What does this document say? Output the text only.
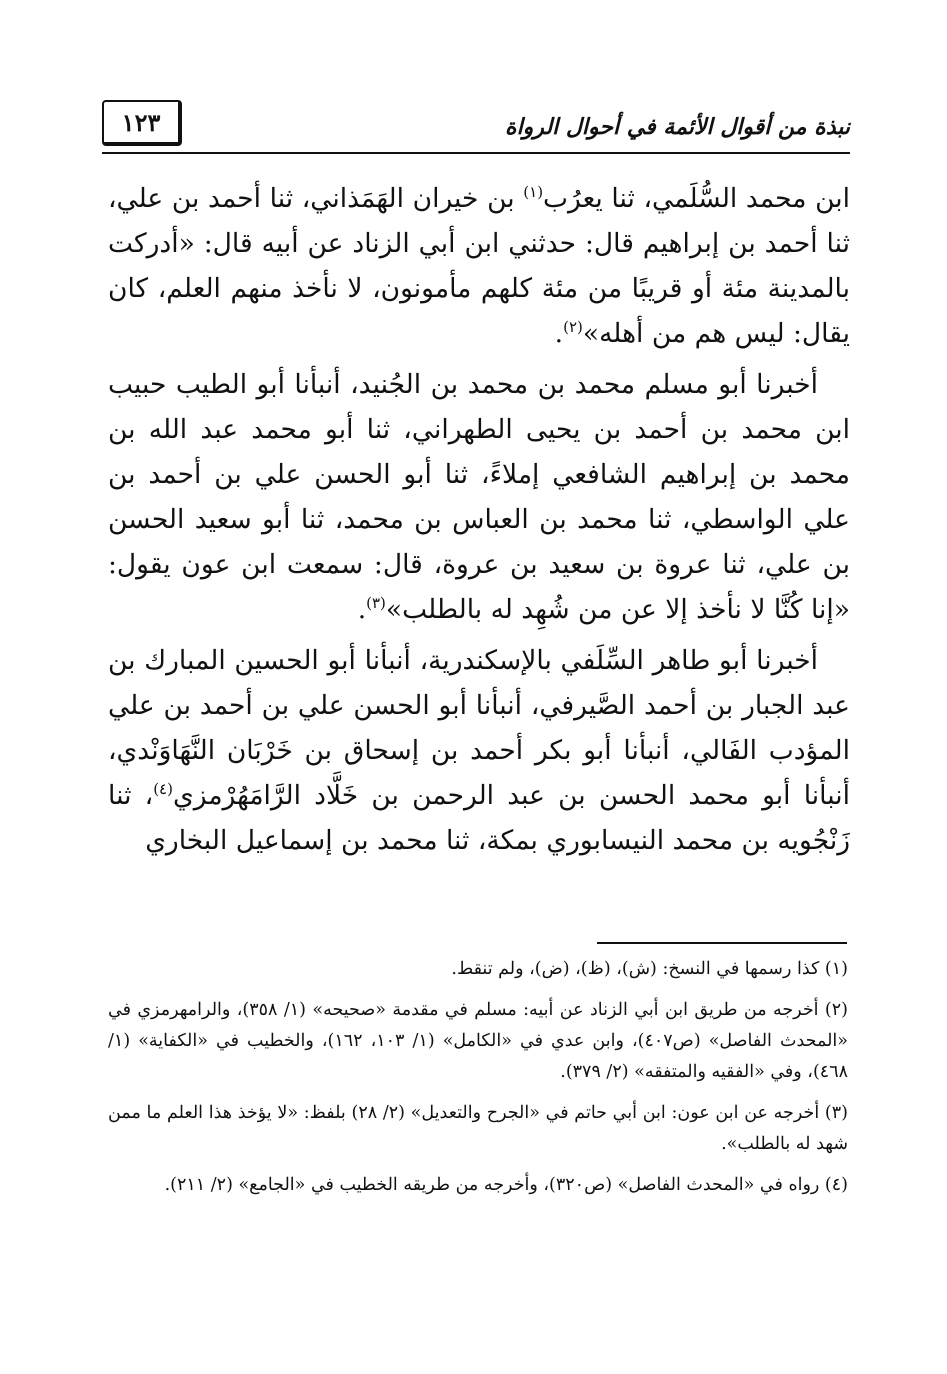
نبذة من أقوال الأئمة في أحوال الرواة
١٢٣

ابن محمد السُّلَمي، ثنا يعرُب$^{(١)}$ بن خيران الهَمَذاني، ثنا أحمد بن علي، ثنا أحمد بن إبراهيم قال: حدثني ابن أبي الزناد عن أبيه قال: «أدركت بالمدينة مئة أو قريبًا من مئة كلهم مأمونون، لا نأخذ منهم العلم، كان يقال: ليس هم من أهله»$^{(٢)}$.

أخبرنا أبو مسلم محمد بن محمد بن الجُنيد، أنبأنا أبو الطيب حبيب ابن محمد بن أحمد بن يحيى الطهراني، ثنا أبو محمد عبد الله بن محمد بن إبراهيم الشافعي إملاءً، ثنا أبو الحسن علي بن أحمد بن علي الواسطي، ثنا محمد بن العباس بن محمد، ثنا أبو سعيد الحسن بن علي، ثنا عروة بن سعيد بن عروة، قال: سمعت ابن عون يقول: «إنا كُنَّا لا نأخذ إلا عن من شُهِد له بالطلب»$^{(٣)}$.

أخبرنا أبو طاهر السِّلَفي بالإسكندرية، أنبأنا أبو الحسين المبارك بن عبد الجبار بن أحمد الصَّيرفي، أنبأنا أبو الحسن علي بن أحمد بن علي المؤدب الفَالي، أنبأنا أبو بكر أحمد بن إسحاق بن خَرْبَان النَّهَاوَنْدي، أنبأنا أبو محمد الحسن بن عبد الرحمن بن خَلَّاد الرَّامَهُرْمزي$^{(٤)}$، ثنا زَنْجُويه بن محمد النيسابوري بمكة، ثنا محمد بن إسماعيل البخاري

(١) كذا رسمها في النسخ: (ش)، (ظ)، (ض)، ولم تنقط.

(٢) أخرجه من طريق ابن أبي الزناد عن أبيه: مسلم في مقدمة «صحيحه» (١/ ٣٥٨)، والرامهرمزي في «المحدث الفاصل» (ص٤٠٧)، وابن عدي في «الكامل» (١/ ١٠٣، ١٦٢)، والخطيب في «الكفاية» (١/ ٤٦٨)، وفي «الفقيه والمتفقه» (٢/ ٣٧٩).

(٣) أخرجه عن ابن عون: ابن أبي حاتم في «الجرح والتعديل» (٢/ ٢٨) بلفظ: «لا يؤخذ هذا العلم ما ممن شهد له بالطلب».

(٤) رواه في «المحدث الفاصل» (ص٣٢٠)، وأخرجه من طريقه الخطيب في «الجامع» (٢/ ٢١١).
